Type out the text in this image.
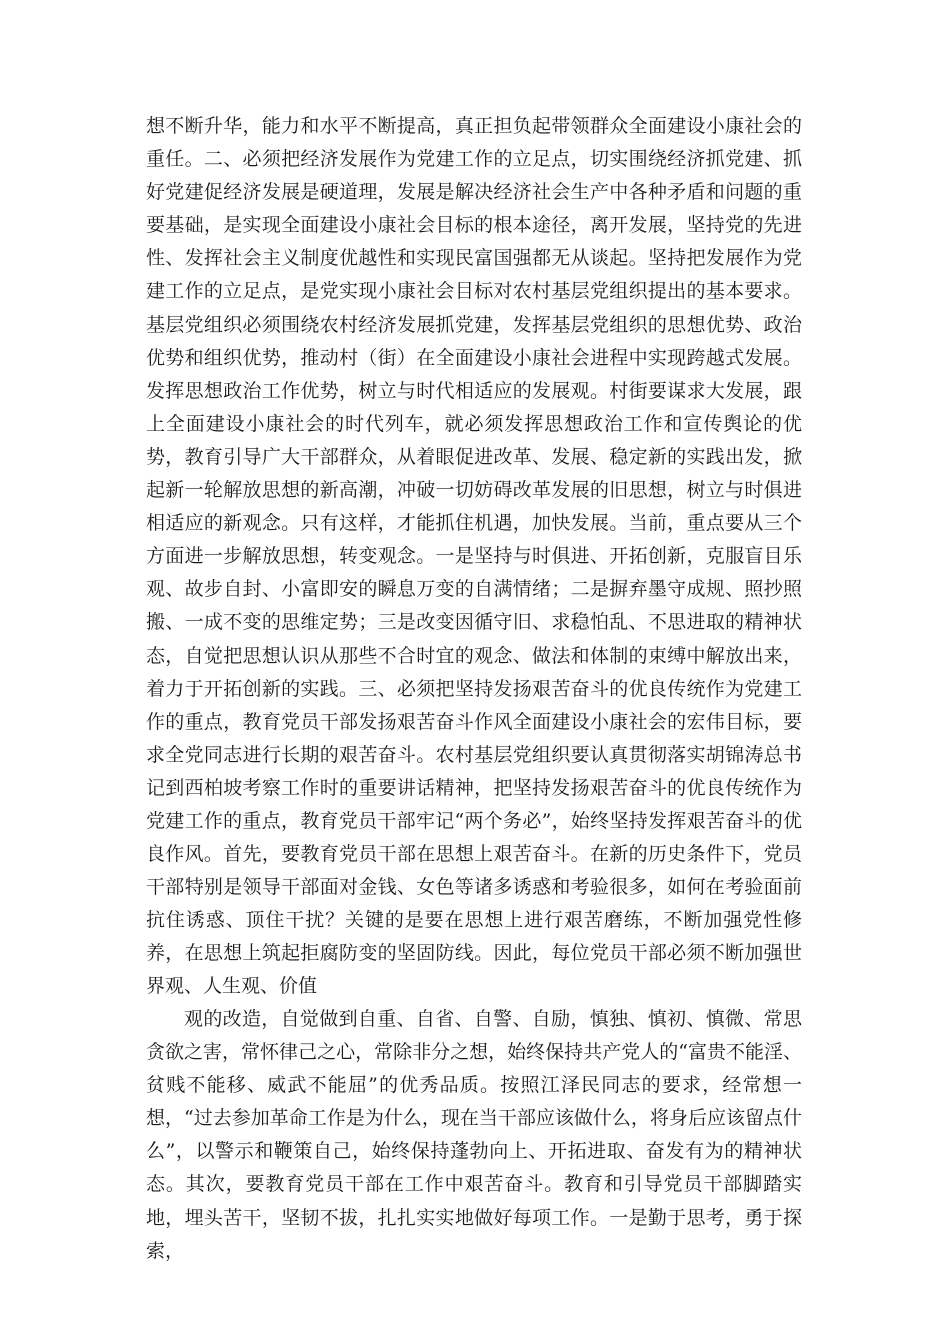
想不断升华，能力和水平不断提高，真正担负起带领群众全面建设小康社会的重任。二、必须把经济发展作为党建工作的立足点，切实围绕经济抓党建、抓好党建促经济发展是硬道理，发展是解决经济社会生产中各种矛盾和问题的重要基础，是实现全面建设小康社会目标的根本途径，离开发展，坚持党的先进性、发挥社会主义制度优越性和实现民富国强都无从谈起。坚持把发展作为党建工作的立足点，是党实现小康社会目标对农村基层党组织提出的基本要求。基层党组织必须围绕农村经济发展抓党建，发挥基层党组织的思想优势、政治优势和组织优势，推动村（街）在全面建设小康社会进程中实现跨越式发展。发挥思想政治工作优势，树立与时代相适应的发展观。村街要谋求大发展，跟上全面建设小康社会的时代列车，就必须发挥思想政治工作和宣传舆论的优势，教育引导广大干部群众，从着眼促进改革、发展、稳定新的实践出发，掀起新一轮解放思想的新高潮，冲破一切妨碍改革发展的旧思想，树立与时俱进相适应的新观念。只有这样，才能抓住机遇，加快发展。当前，重点要从三个方面进一步解放思想，转变观念。一是坚持与时俱进、开拓创新，克服盲目乐观、故步自封、小富即安的瞬息万变的自满情绪；二是摒弃墨守成规、照抄照搬、一成不变的思维定势；三是改变因循守旧、求稳怕乱、不思进取的精神状态，自觉把思想认识从那些不合时宜的观念、做法和体制的束缚中解放出来，着力于开拓创新的实践。三、必须把坚持发扬艰苦奋斗的优良传统作为党建工作的重点，教育党员干部发扬艰苦奋斗作风全面建设小康社会的宏伟目标，要求全党同志进行长期的艰苦奋斗。农村基层党组织要认真贯彻落实胡锦涛总书记到西柏坡考察工作时的重要讲话精神，把坚持发扬艰苦奋斗的优良传统作为党建工作的重点，教育党员干部牢记“两个务必”，始终坚持发挥艰苦奋斗的优良作风。首先，要教育党员干部在思想上艰苦奋斗。在新的历史条件下，党员干部特别是领导干部面对金钱、女色等诸多诱惑和考验很多，如何在考验面前抗住诱惑、顶住干扰？关键的是要在思想上进行艰苦磨练，不断加强党性修养，在思想上筑起拒腐防变的坚固防线。因此，每位党员干部必须不断加强世界观、人生观、价值

观的改造，自觉做到自重、自省、自警、自励，慎独、慎初、慎微、常思贪欲之害，常怀律己之心，常除非分之想，始终保持共产党人的“富贵不能淫、贫贱不能移、威武不能屈”的优秀品质。按照江泽民同志的要求，经常想一想，“过去参加革命工作是为什么，现在当干部应该做什么，将身后应该留点什么”，以警示和鞭策自己，始终保持蓬勃向上、开拓进取、奋发有为的精神状态。其次，要教育党员干部在工作中艰苦奋斗。教育和引导党员干部脚踏实地，埋头苦干，坚韧不拔，扎扎实实地做好每项工作。一是勤于思考，勇于探索，
